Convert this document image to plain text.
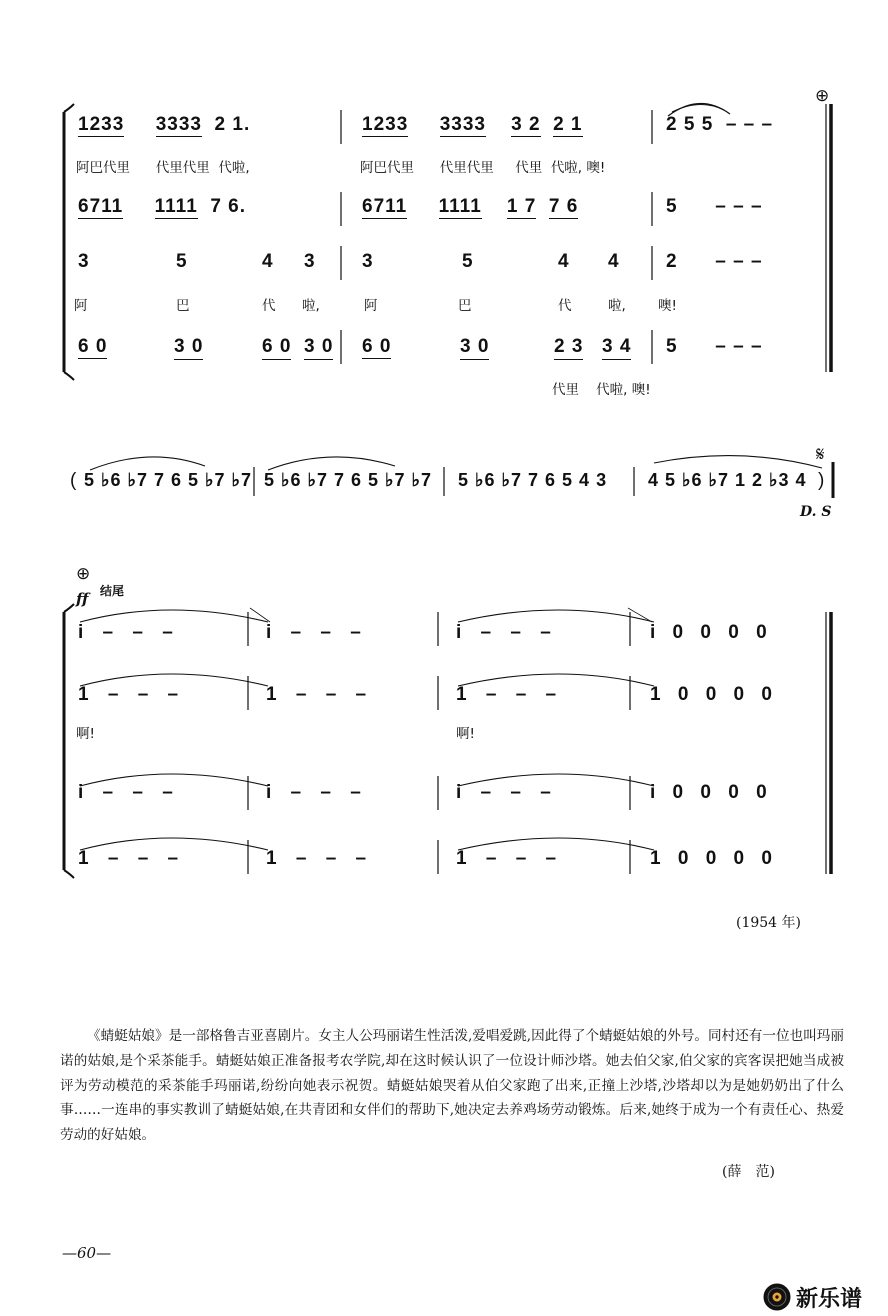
⊕
1233 3333 2 1.	1233 3333 3 2 2 1	2 5 5 – – –
阿巴代里 代里代里 代啦,	阿巴代里 代里代里 代里 代啦, 噢!
6711 1111 7 6.	6711 1111 1 7 7 6	5 – – –
3	5	4 3 3	5	4 4 2 – – –
阿	巴	代 啦,	阿	巴	代	啦, 噢!
6 0	3 0	6 0 3 0 6 0	3 0	2 3 3 4 5 – – –
代里 代啦, 噢!
( 5 ♭6 ♭7 7 6 5 ♭7 ♭7 5 ♭6 ♭7 7 6 5 ♭7 ♭7 5 ♭6 ♭7 7 6 5 4 3 4 5 ♭6 ♭7 1 2 ♭3 4 )
𝄋
D. S
⊕
结尾
ff
i – – –	i – – –	i – – –	i 0 0 0 0
1 – – –	1 – – –	1 – – –	1 0 0 0 0
啊!	啊!
i – – –	i – – –	i – – –	i 0 0 0 0
1 – – –	1 – – –	1 – – –	1 0 0 0 0
(1954 年)
《蜻蜓姑娘》是一部格鲁吉亚喜剧片。女主人公玛丽诺生性活泼,爱唱爱跳,因此得了个蜻蜓姑娘的外号。同村还有一位也叫玛丽诺的姑娘,是个采茶能手。蜻蜓姑娘正准备报考农学院,却在这时候认识了一位设计师沙塔。她去伯父家,伯父家的宾客误把她当成被评为劳动模范的采茶能手玛丽诺,纷纷向她表示祝贺。蜻蜓姑娘哭着从伯父家跑了出来,正撞上沙塔,沙塔却以为是她奶奶出了什么事……一连串的事实教训了蜻蜓姑娘,在共青团和女伴们的帮助下,她决定去养鸡场劳动锻炼。后来,她终于成为一个有责任心、热爱劳动的好姑娘。
(薛　范)
—60—
新乐谱
